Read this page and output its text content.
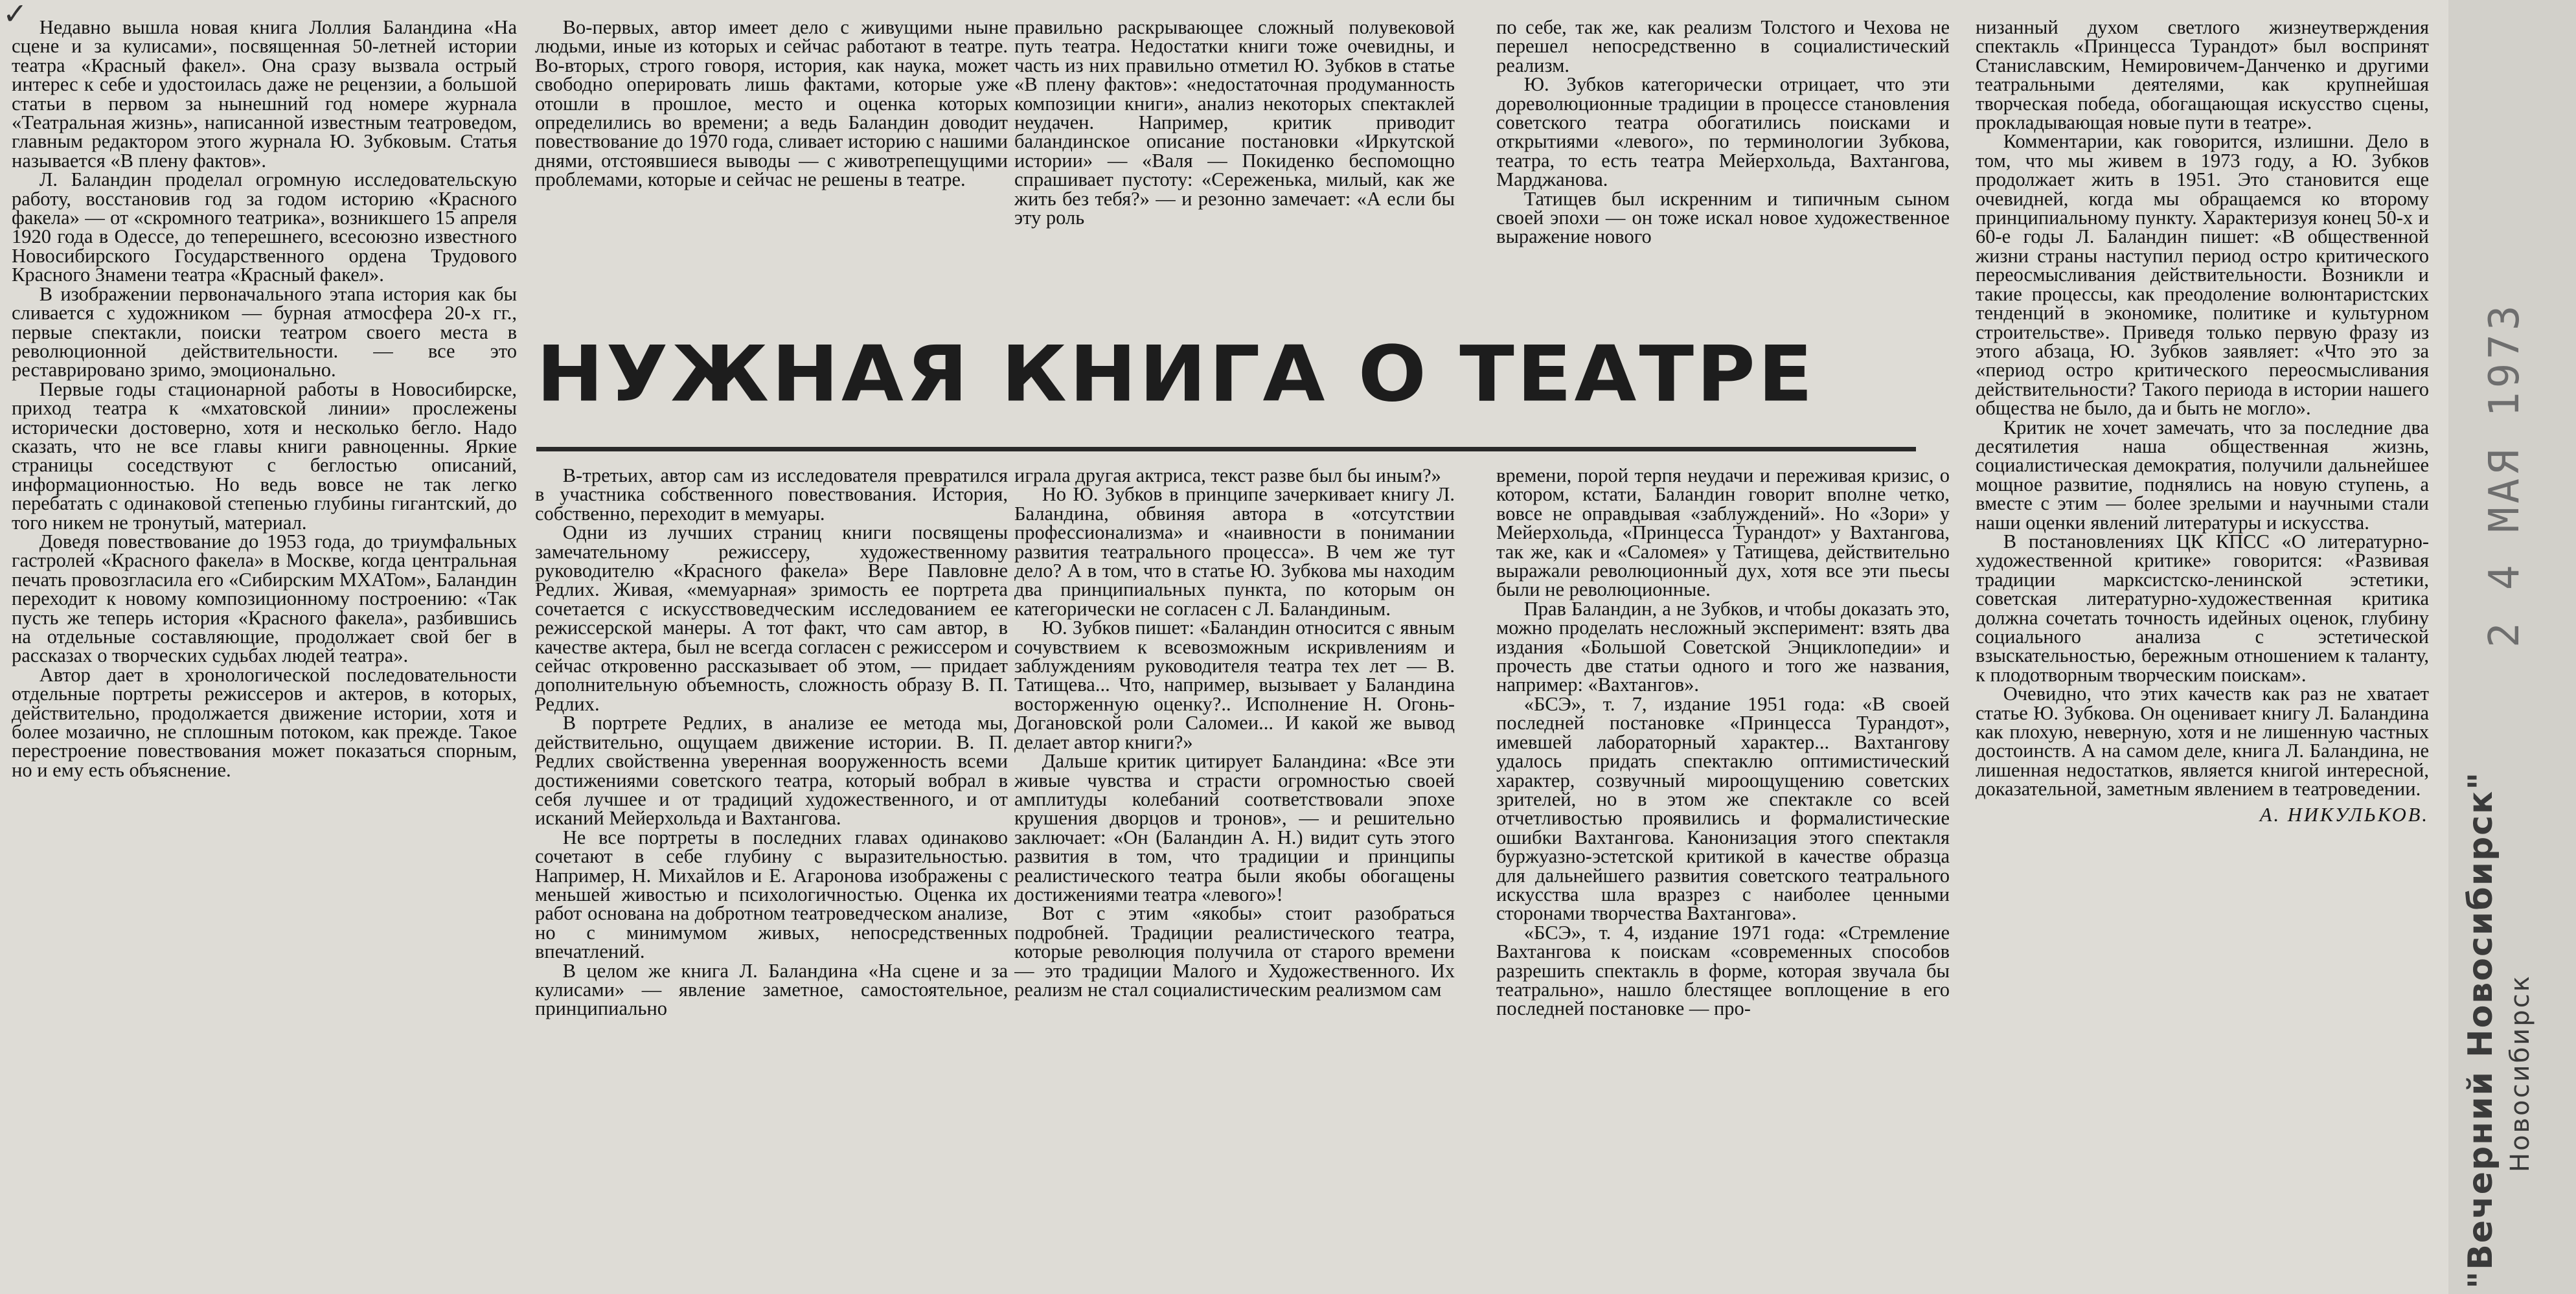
✓ Недавно вышла новая книга Лоллия Баландина «На сцене и за кулисами», посвященная 50-летней истории театра «Красный факел». Она сразу вызвала острый интерес к себе и удостоилась даже не рецензии, а большой статьи в первом за нынешний год номере журнала «Театральная жизнь», написанной известным театроведом, главным редактором этого журнала Ю. Зубковым. Статья называется «В плену фактов».

Л. Баландин проделал огромную исследовательскую работу, восстановив год за годом историю «Красного факела» — от «скромного театрика», возникшего 15 апреля 1920 года в Одессе, до теперешнего, всесоюзно известного Новосибирского Государственного ордена Трудового Красного Знамени театра «Красный факел».

В изображении первоначального этапа история как бы сливается с художником — бурная атмосфера 20-х гг., первые спектакли, поиски театром своего места в революционной действительности. — все это реставрировано зримо, эмоционально.

Первые годы стационарной работы в Новосибирске, приход театра к «мхатовской линии» прослежены исторически достоверно, хотя и несколько бегло. Надо сказать, что не все главы книги равноценны. Яркие страницы соседствуют с беглостью описаний, информационностью. Но ведь вовсе не так легко перебатать с одинаковой степенью глубины гигантский, до того никем не тронутый, материал.

Доведя повествование до 1953 года, до триумфальных гастролей «Красного факела» в Москве, когда центральная печать провозгласила его «Сибирским МХАТом», Баландин переходит к новому композиционному построению: «Так пусть же теперь история «Красного факела», разбившись на отдельные составляющие, продолжает свой бег в рассказах о творческих судьбах людей театра».

Автор дает в хронологической последовательности отдельные портреты режиссеров и актеров, в которых, действительно, продолжается движение истории, хотя и более мозаично, не сплошным потоком, как прежде. Такое перестроение повествования может показаться спорным, но и ему есть объяснение.

Во-первых, автор имеет дело с живущими ныне людьми, иные из которых и сейчас работают в театре. Во-вторых, строго говоря, история, как наука, может свободно оперировать лишь фактами, которые уже отошли в прошлое, место и оценка которых определились во времени; а ведь Баландин доводит повествование до 1970 года, сливает историю с нашими днями, отстоявшиеся выводы — с животрепещущими проблемами, которые и сейчас не решены в театре.

правильно раскрывающее сложный полувековой путь театра. Недостатки книги тоже очевидны, и часть из них правильно отметил Ю. Зубков в статье «В плену фактов»: «недостаточная продуманность композиции книги», анализ некоторых спектаклей неудачен. Например, критик приводит баландинское описание постановки «Иркутской истории» — «Валя — Покиденко беспомощно спрашивает пустоту: «Сереженька, милый, как же жить без тебя?» — и резонно замечает: «А если бы эту роль

по себе, так же, как реализм Толстого и Чехова не перешел непосредственно в социалистический реализм.

Ю. Зубков категорически отрицает, что эти дореволюционные традиции в процессе становления советского театра обогатились поисками и открытиями «левого», по терминологии Зубкова, театра, то есть театра Мейерхольда, Вахтангова, Марджанова.

Татищев был искренним и типичным сыном своей эпохи — он тоже искал новое художественное выражение нового

НУЖНАЯ КНИГА О ТЕАТРЕ

В-третьих, автор сам из исследователя превратился в участника собственного повествования. История, собственно, переходит в мемуары.

Одни из лучших страниц книги посвящены замечательному режиссеру, художественному руководителю «Красного факела» Вере Павловне Редлих. Живая, «мемуарная» зримость ее портрета сочетается с искусствоведческим исследованием ее режиссерской манеры. А тот факт, что сам автор, в качестве актера, был не всегда согласен с режиссером и сейчас откровенно рассказывает об этом, — придает дополнительную объемность, сложность образу В. П. Редлих.

В портрете Редлих, в анализе ее метода мы, действительно, ощущаем движение истории. В. П. Редлих свойственна уверенная вооруженность всеми достижениями советского театра, который вобрал в себя лучшее и от традиций художественного, и от исканий Мейерхольда и Вахтангова.

Не все портреты в последних главах одинаково сочетают в себе глубину с выразительностью. Например, Н. Михайлов и Е. Агаронова изображены с меньшей живостью и психологичностью. Оценка их работ основана на добротном театроведческом анализе, но с минимумом живых, непосредственных впечатлений.

В целом же книга Л. Баландина «На сцене и за кулисами» — явление заметное, самостоятельное, принципиально

играла другая актриса, текст разве был бы иным?»

Но Ю. Зубков в принципе зачеркивает книгу Л. Баландина, обвиняя автора в «отсутствии профессионализма» и «наивности в понимании развития театрального процесса». В чем же тут дело? А в том, что в статье Ю. Зубкова мы находим два принципиальных пункта, по которым он категорически не согласен с Л. Баландиным.

Ю. Зубков пишет: «Баландин относится с явным сочувствием к всевозможным искривлениям и заблуждениям руководителя театра тех лет — В. Татищева... Что, например, вызывает у Баландина восторженную оценку?.. Исполнение Н. Огонь-Догановской роли Саломеи... И какой же вывод делает автор книги?»

Дальше критик цитирует Баландина: «Все эти живые чувства и страсти огромностью своей амплитуды колебаний соответствовали эпохе крушения дворцов и тронов», — и решительно заключает: «Он (Баландин А. Н.) видит суть этого развития в том, что традиции и принципы реалистического театра были якобы обогащены достижениями театра «левого»!

Вот с этим «якобы» стоит разобраться подробней. Традиции реалистического театра, которые революция получила от старого времени — это традиции Малого и Художественного. Их реализм не стал социалистическим реализмом сам

времени, порой терпя неудачи и переживая кризис, о котором, кстати, Баландин говорит вполне четко, вовсе не оправдывая «заблуждений». Но «Зори» у Мейерхольда, «Принцесса Турандот» у Вахтангова, так же, как и «Саломея» у Татищева, действительно выражали революционный дух, хотя все эти пьесы были не революционные.

Прав Баландин, а не Зубков, и чтобы доказать это, можно проделать несложный эксперимент: взять два издания «Большой Советской Энциклопедии» и прочесть две статьи одного и того же названия, например: «Вахтангов».

«БСЭ», т. 7, издание 1951 года: «В своей последней постановке «Принцесса Турандот», имевшей лабораторный характер... Вахтангову удалось придать спектаклю оптимистический характер, созвучный мироощущению советских зрителей, но в этом же спектакле со всей отчетливостью проявились и формалистические ошибки Вахтангова. Канонизация этого спектакля буржуазно-эстетской критикой в качестве образца для дальнейшего развития советского театрального искусства шла вразрез с наиболее ценными сторонами творчества Вахтангова».

«БСЭ», т. 4, издание 1971 года: «Стремление Вахтангова к поискам «современных способов разрешить спектакль в форме, которая звучала бы театрально», нашло блестящее воплощение в его последней постановке — про-

низанный духом светлого жизнеутверждения спектакль «Принцесса Турандот» был воспринят Станиславским, Немировичем-Данченко и другими театральными деятелями, как крупнейшая творческая победа, обогащающая искусство сцены, прокладывающая новые пути в театре».

Комментарии, как говорится, излишни. Дело в том, что мы живем в 1973 году, а Ю. Зубков продолжает жить в 1951. Это становится еще очевидней, когда мы обращаемся ко второму принципиальному пункту. Характеризуя конец 50-х и 60-е годы Л. Баландин пишет: «В общественной жизни страны наступил период остро критического переосмысливания действительности. Возникли и такие процессы, как преодоление волюнтаристских тенденций в экономике, политике и культурном строительстве». Приведя только первую фразу из этого абзаца, Ю. Зубков заявляет: «Что это за «период остро критического переосмысливания действительности? Такого периода в истории нашего общества не было, да и быть не могло».

Критик не хочет замечать, что за последние два десятилетия наша общественная жизнь, социалистическая демократия, получили дальнейшее мощное развитие, поднялись на новую ступень, а вместе с этим — более зрелыми и научными стали наши оценки явлений литературы и искусства.

В постановлениях ЦК КПСС «О литературно-художественной критике» говорится: «Развивая традиции марксистско-ленинской эстетики, советская литературно-художественная критика должна сочетать точность идейных оценок, глубину социального анализа с эстетической взыскательностью, бережным отношением к таланту, к плодотворным творческим поискам».

Очевидно, что этих качеств как раз не хватает статье Ю. Зубкова. Он оценивает книгу Л. Баландина как плохую, неверную, хотя и не лишенную частных достоинств. А на самом деле, книга Л. Баландина, не лишенная недостатков, является книгой интересной, доказательной, заметным явлением в театроведении.

А. НИКУЛЬКОВ.

2 4 МАЯ 1973
"Вечерний Новосибирск" Новосибирск
